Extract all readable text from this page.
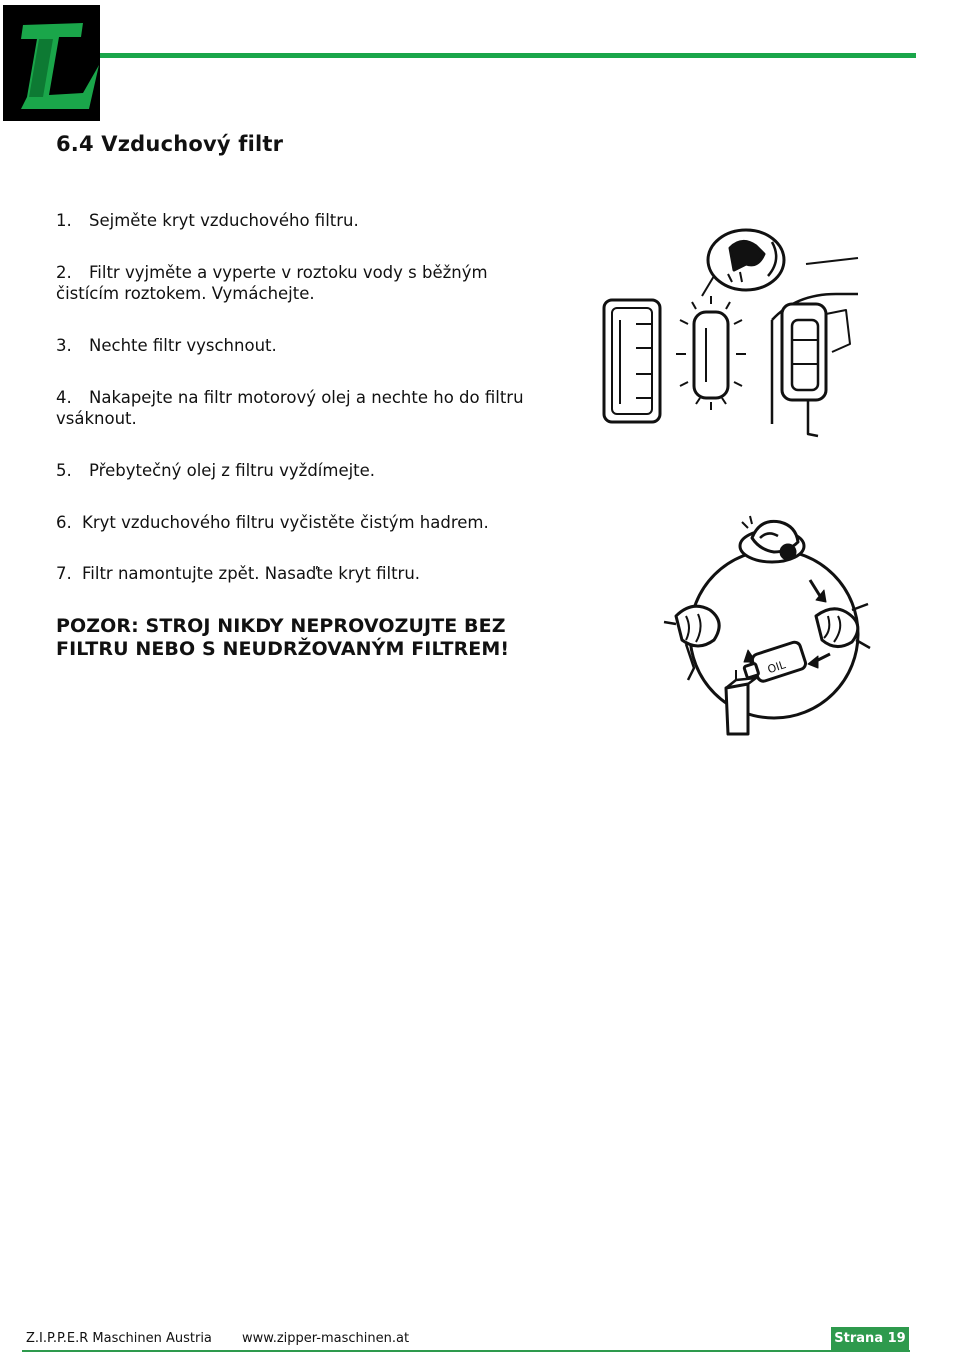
6.4 Vzduchový filtr
1. Sejměte kryt vzduchového filtru.
2. Filtr vyjměte a vyperte v roztoku vody s běžným
čistícím roztokem. Vymáchejte.
3. Nechte filtr vyschnout.
4. Nakapejte na filtr motorový olej a nechte ho do filtru
vsáknout.
5. Přebytečný olej z filtru vyždímejte.
6. Kryt vzduchového filtru vyčistěte čistým hadrem.
7. Filtr namontujte zpět. Nasaďte kryt filtru.
POZOR: STROJ NIKDY NEPROVOZUJTE BEZ
FILTRU NEBO S NEUDRŽOVANÝM FILTREM!
OIL
Z.I.P.P.E.R Maschinen Austria www.zipper-maschinen.at	Strana 19
